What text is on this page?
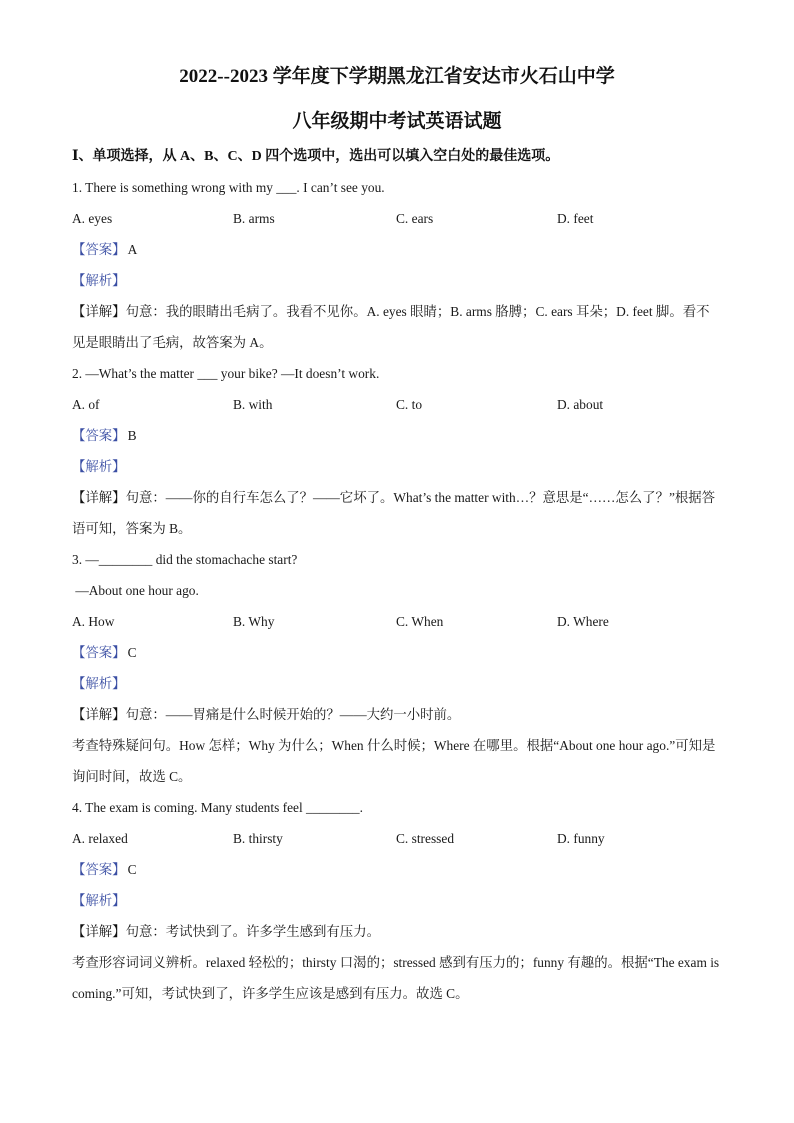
2022--2023 学年度下学期黑龙江省安达市火石山中学
八年级期中考试英语试题
Ⅰ、单项选择，从 A、B、C、D 四个选项中，选出可以填入空白处的最佳选项。
1. There is something wrong with my ___. I can’t see you.
A. eyes	B. arms	C. ears	D. feet
【答案】 A
【解析】
【详解】句意：我的眼睛出毛病了。我看不见你。A. eyes 眼睛；B. arms 胳膊；C. ears 耳朵；D. feet 脚。看不见是眼睛出了毛病，故答案为 A。
2. —What’s the matter ___ your bike? —It doesn’t work.
A. of	B. with	C. to	D. about
【答案】 B
【解析】
【详解】句意：——你的自行车怎么了？——它坏了。What’s the matter with…？意思是“……怎么了？”根据答语可知，答案为 B。
3. —________ did the stomachache start?
—About one hour ago.
A. How	B. Why	C. When	D. Where
【答案】 C
【解析】
【详解】句意：——胃痛是什么时候开始的？——大约一小时前。
考查特殊疑问句。How 怎样；Why 为什么；When 什么时候；Where 在哪里。根据“About one hour ago.”可知是询问时间，故选 C。
4. The exam is coming. Many students feel ________.
A. relaxed	B. thirsty	C. stressed	D. funny
【答案】 C
【解析】
【详解】句意：考试快到了。许多学生感到有压力。
考查形容词词义辨析。relaxed 轻松的；thirsty 口渴的；stressed 感到有压力的；funny 有趣的。根据“The exam is coming.”可知，考试快到了，许多学生应该是感到有压力。故选 C。
